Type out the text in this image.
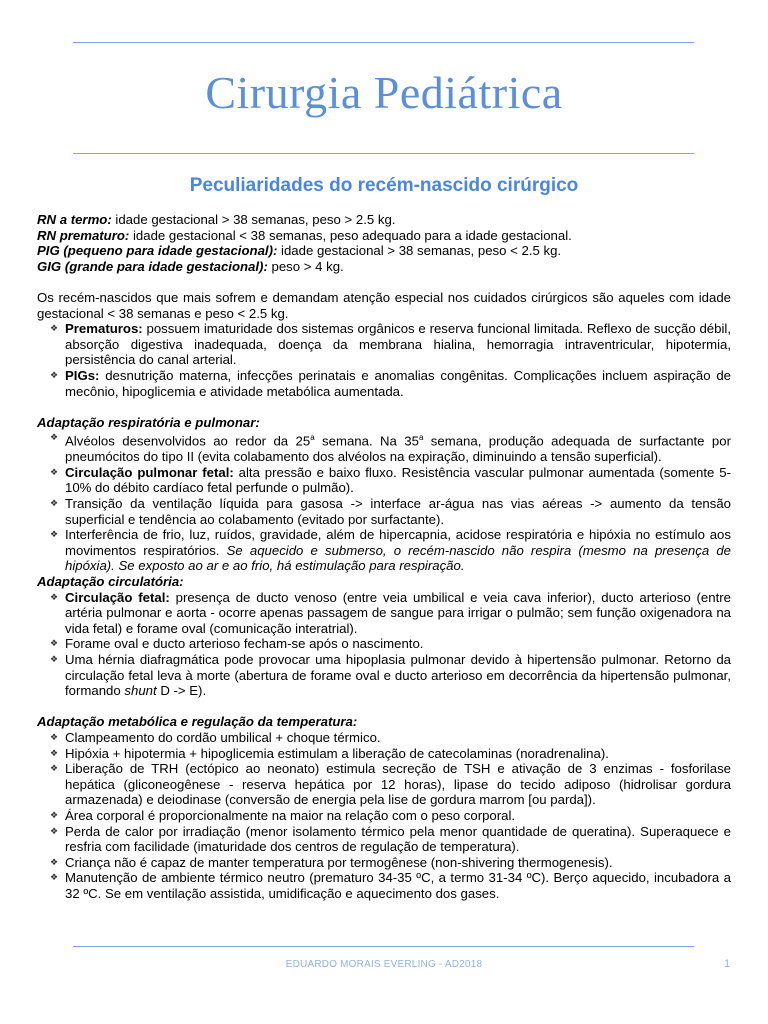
Cirurgia Pediátrica
Peculiaridades do recém-nascido cirúrgico

RN a termo: idade gestacional > 38 semanas, peso > 2.5 kg.

RN prematuro: idade gestacional < 38 semanas, peso adequado para a idade gestacional.

PIG (pequeno para idade gestacional): idade gestacional > 38 semanas, peso < 2.5 kg.

GIG (grande para idade gestacional): peso > 4 kg.

Os recém-nascidos que mais sofrem e demandam atenção especial nos cuidados cirúrgicos são aqueles com idade gestacional < 38 semanas e peso < 2.5 kg.

❖ Prematuros: possuem imaturidade dos sistemas orgânicos e reserva funcional limitada. Reflexo de sucção débil, absorção digestiva inadequada, doença da membrana hialina, hemorragia intraventricular, hipotermia, persistência do canal arterial.
❖ PIGs: desnutrição materna, infecções perinatais e anomalias congênitas. Complicações incluem aspiração de mecônio, hipoglicemia e atividade metabólica aumentada.

Adaptação respiratória e pulmonar:

❖ Alvéolos desenvolvidos ao redor da 25$^a$ semana. Na 35$^a$ semana, produção adequada de surfactante por pneumócitos do tipo II (evita colabamento dos alvéolos na expiração, diminuindo a tensão superficial).
❖ Circulação pulmonar fetal: alta pressão e baixo fluxo. Resistência vascular pulmonar aumentada (somente 5-10% do débito cardíaco fetal perfunde o pulmão).
❖ Transição da ventilação líquida para gasosa -> interface ar-água nas vias aéreas -> aumento da tensão superficial e tendência ao colabamento (evitado por surfactante).
❖ Interferência de frio, luz, ruídos, gravidade, além de hipercapnia, acidose respiratória e hipóxia no estímulo aos movimentos respiratórios. Se aquecido e submerso, o recém-nascido não respira (mesmo na presença de hipóxia). Se exposto ao ar e ao frio, há estimulação para respiração.

Adaptação circulatória:

❖ Circulação fetal: presença de ducto venoso (entre veia umbilical e veia cava inferior), ducto arterioso (entre artéria pulmonar e aorta - ocorre apenas passagem de sangue para irrigar o pulmão; sem função oxigenadora na vida fetal) e forame oval (comunicação interatrial).
❖ Forame oval e ducto arterioso fecham-se após o nascimento.
❖ Uma hérnia diafragmática pode provocar uma hipoplasia pulmonar devido à hipertensão pulmonar. Retorno da circulação fetal leva à morte (abertura de forame oval e ducto arterioso em decorrência da hipertensão pulmonar, formando shunt D -> E).

Adaptação metabólica e regulação da temperatura:

❖ Clampeamento do cordão umbilical + choque térmico.
❖ Hipóxia + hipotermia + hipoglicemia estimulam a liberação de catecolaminas (noradrenalina).
❖ Liberação de TRH (ectópico ao neonato) estimula secreção de TSH e ativação de 3 enzimas - fosforilase hepática (gliconeogênese - reserva hepática por 12 horas), lipase do tecido adiposo (hidrolisar gordura armazenada) e deiodinase (conversão de energia pela lise de gordura marrom [ou parda]).
❖ Área corporal é proporcionalmente na maior na relação com o peso corporal.
❖ Perda de calor por irradiação (menor isolamento térmico pela menor quantidade de queratina). Superaquece e resfria com facilidade (imaturidade dos centros de regulação de temperatura).
❖ Criança não é capaz de manter temperatura por termogênese (non-shivering thermogenesis).
❖ Manutenção de ambiente térmico neutro (prematuro 34-35 ºC, a termo 31-34 ºC). Berço aquecido, incubadora a 32 ºC. Se em ventilação assistida, umidificação e aquecimento dos gases.
EDUARDO MORAIS EVERLING - AD2018	1
